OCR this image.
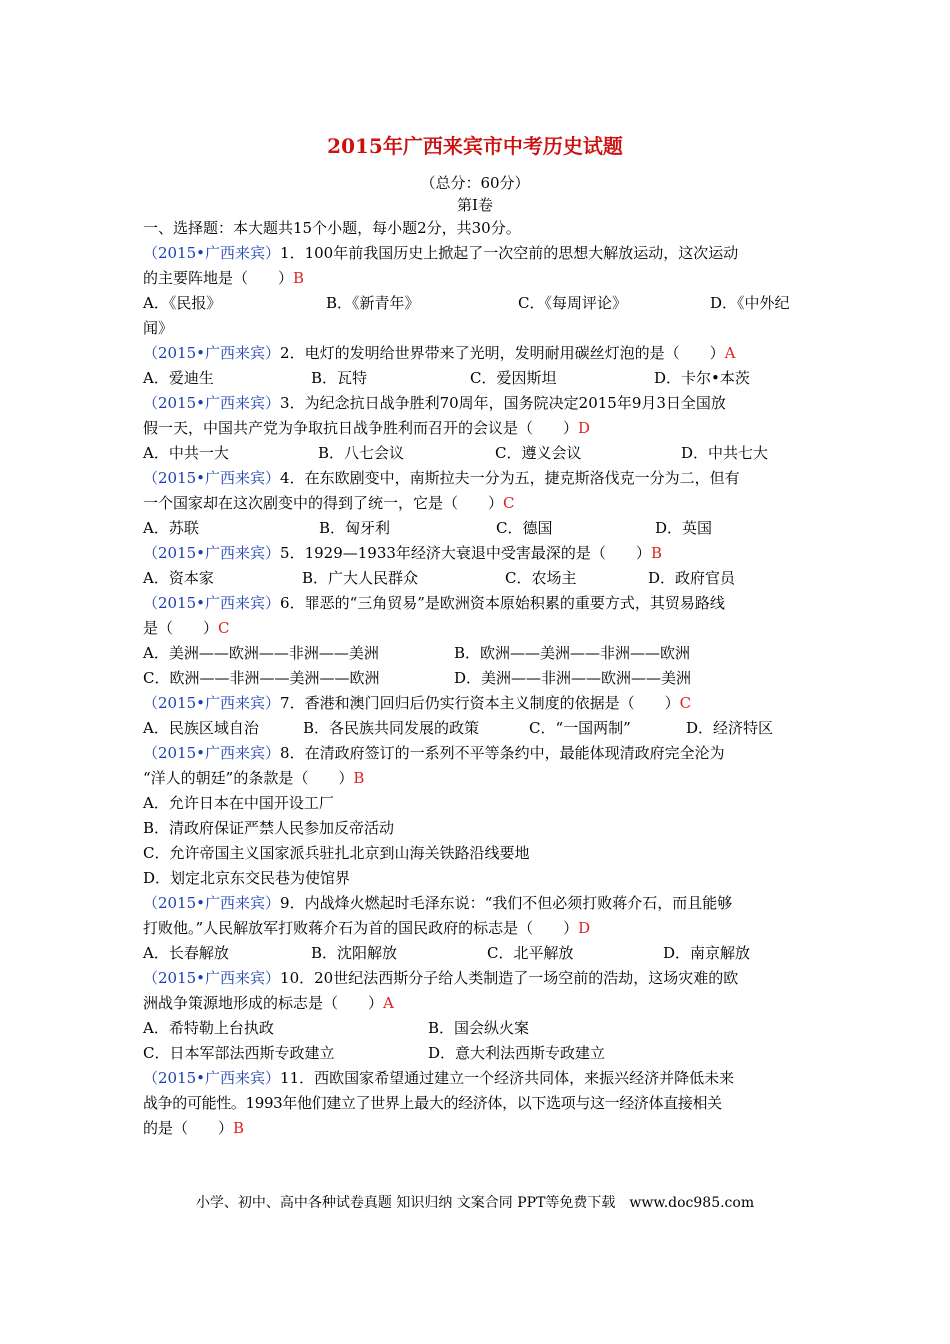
2015年广西来宾市中考历史试题
（总分：60分）
第Ⅰ卷
一、选择题：本大题共15个小题，每小题2分，共30分。
（2015•广西来宾）1．100年前我国历史上掀起了一次空前的思想大解放运动，这次运动
的主要阵地是（　　）B
A．《民报》	B．《新青年》	C．《每周评论》	D．《中外纪
闻》
（2015•广西来宾）2．电灯的发明给世界带来了光明，发明耐用碳丝灯泡的是（　　）A
A．爱迪生	B．瓦特	C．爱因斯坦	D．卡尔•本茨
（2015•广西来宾）3．为纪念抗日战争胜利70周年，国务院决定2015年9月3日全国放
假一天，中国共产党为争取抗日战争胜利而召开的会议是（　　）D
A．中共一大	B．八七会议	C．遵义会议	D．中共七大
（2015•广西来宾）4．在东欧剧变中，南斯拉夫一分为五，捷克斯洛伐克一分为二，但有
一个国家却在这次剧变中的得到了统一，它是（　　）C
A．苏联	B．匈牙利	C．德国	D．英国
（2015•广西来宾）5．1929—1933年经济大衰退中受害最深的是（　　）B
A．资本家	B．广大人民群众	C．农场主	D．政府官员
（2015•广西来宾）6．罪恶的“三角贸易”是欧洲资本原始积累的重要方式，其贸易路线
是（　　）C
A．美洲——欧洲——非洲——美洲	B．欧洲——美洲——非洲——欧洲
C．欧洲——非洲——美洲——欧洲	D．美洲——非洲——欧洲——美洲
（2015•广西来宾）7．香港和澳门回归后仍实行资本主义制度的依据是（　　）C
A．民族区域自治	B．各民族共同发展的政策	C．“一国两制”	D．经济特区
（2015•广西来宾）8．在清政府签订的一系列不平等条约中，最能体现清政府完全沦为
“洋人的朝廷”的条款是（　　）B
A．允许日本在中国开设工厂
B．清政府保证严禁人民参加反帝活动
C．允许帝国主义国家派兵驻扎北京到山海关铁路沿线要地
D．划定北京东交民巷为使馆界
（2015•广西来宾）9．内战烽火燃起时毛泽东说：“我们不但必须打败蒋介石，而且能够
打败他。”人民解放军打败蒋介石为首的国民政府的标志是（　　）D
A．长春解放	B．沈阳解放	C．北平解放	D．南京解放
（2015•广西来宾）10．20世纪法西斯分子给人类制造了一场空前的浩劫，这场灾难的欧
洲战争策源地形成的标志是（　　）A
A．希特勒上台执政	B．国会纵火案
C．日本军部法西斯专政建立	D．意大利法西斯专政建立
（2015•广西来宾）11．西欧国家希望通过建立一个经济共同体，来振兴经济并降低未来
战争的可能性。1993年他们建立了世界上最大的经济体，以下选项与这一经济体直接相关
的是（　　）B
小学、初中、高中各种试卷真题 知识归纳 文案合同 PPT等免费下载　www.doc985.com
